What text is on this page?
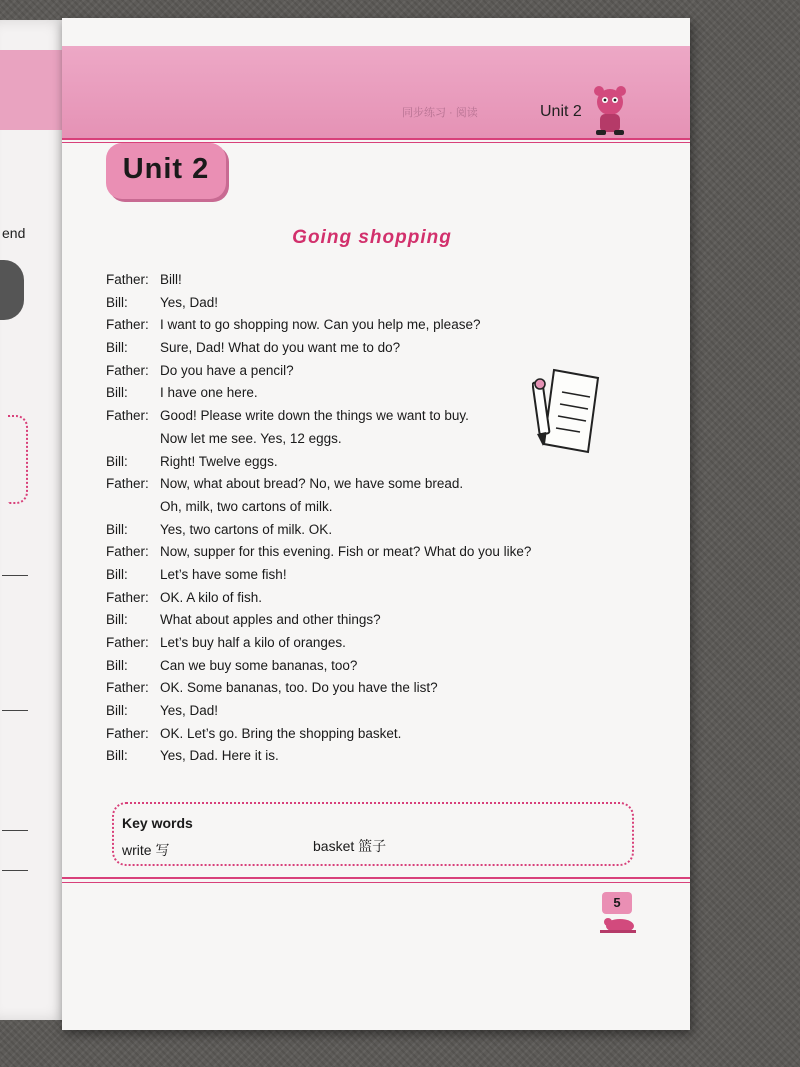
end
同步练习 · 阅读	Unit 2
Unit 2
Going shopping
Father: Bill!
Bill: Yes, Dad!
Father: I want to go shopping now. Can you help me, please?
Bill: Sure, Dad! What do you want me to do?
Father: Do you have a pencil?
Bill: I have one here.
Father: Good! Please write down the things we want to buy.
Now let me see. Yes, 12 eggs.
Bill: Right! Twelve eggs.
Father: Now, what about bread? No, we have some bread.
Oh, milk, two cartons of milk.
Bill: Yes, two cartons of milk. OK.
Father: Now, supper for this evening. Fish or meat? What do you like?
Bill: Let’s have some fish!
Father: OK. A kilo of fish.
Bill: What about apples and other things?
Father: Let’s buy half a kilo of oranges.
Bill: Can we buy some bananas, too?
Father: OK. Some bananas, too. Do you have the list?
Bill: Yes, Dad!
Father: OK. Let’s go. Bring the shopping basket.
Bill: Yes, Dad. Here it is.
Key words
write 写	basket 篮子
5
